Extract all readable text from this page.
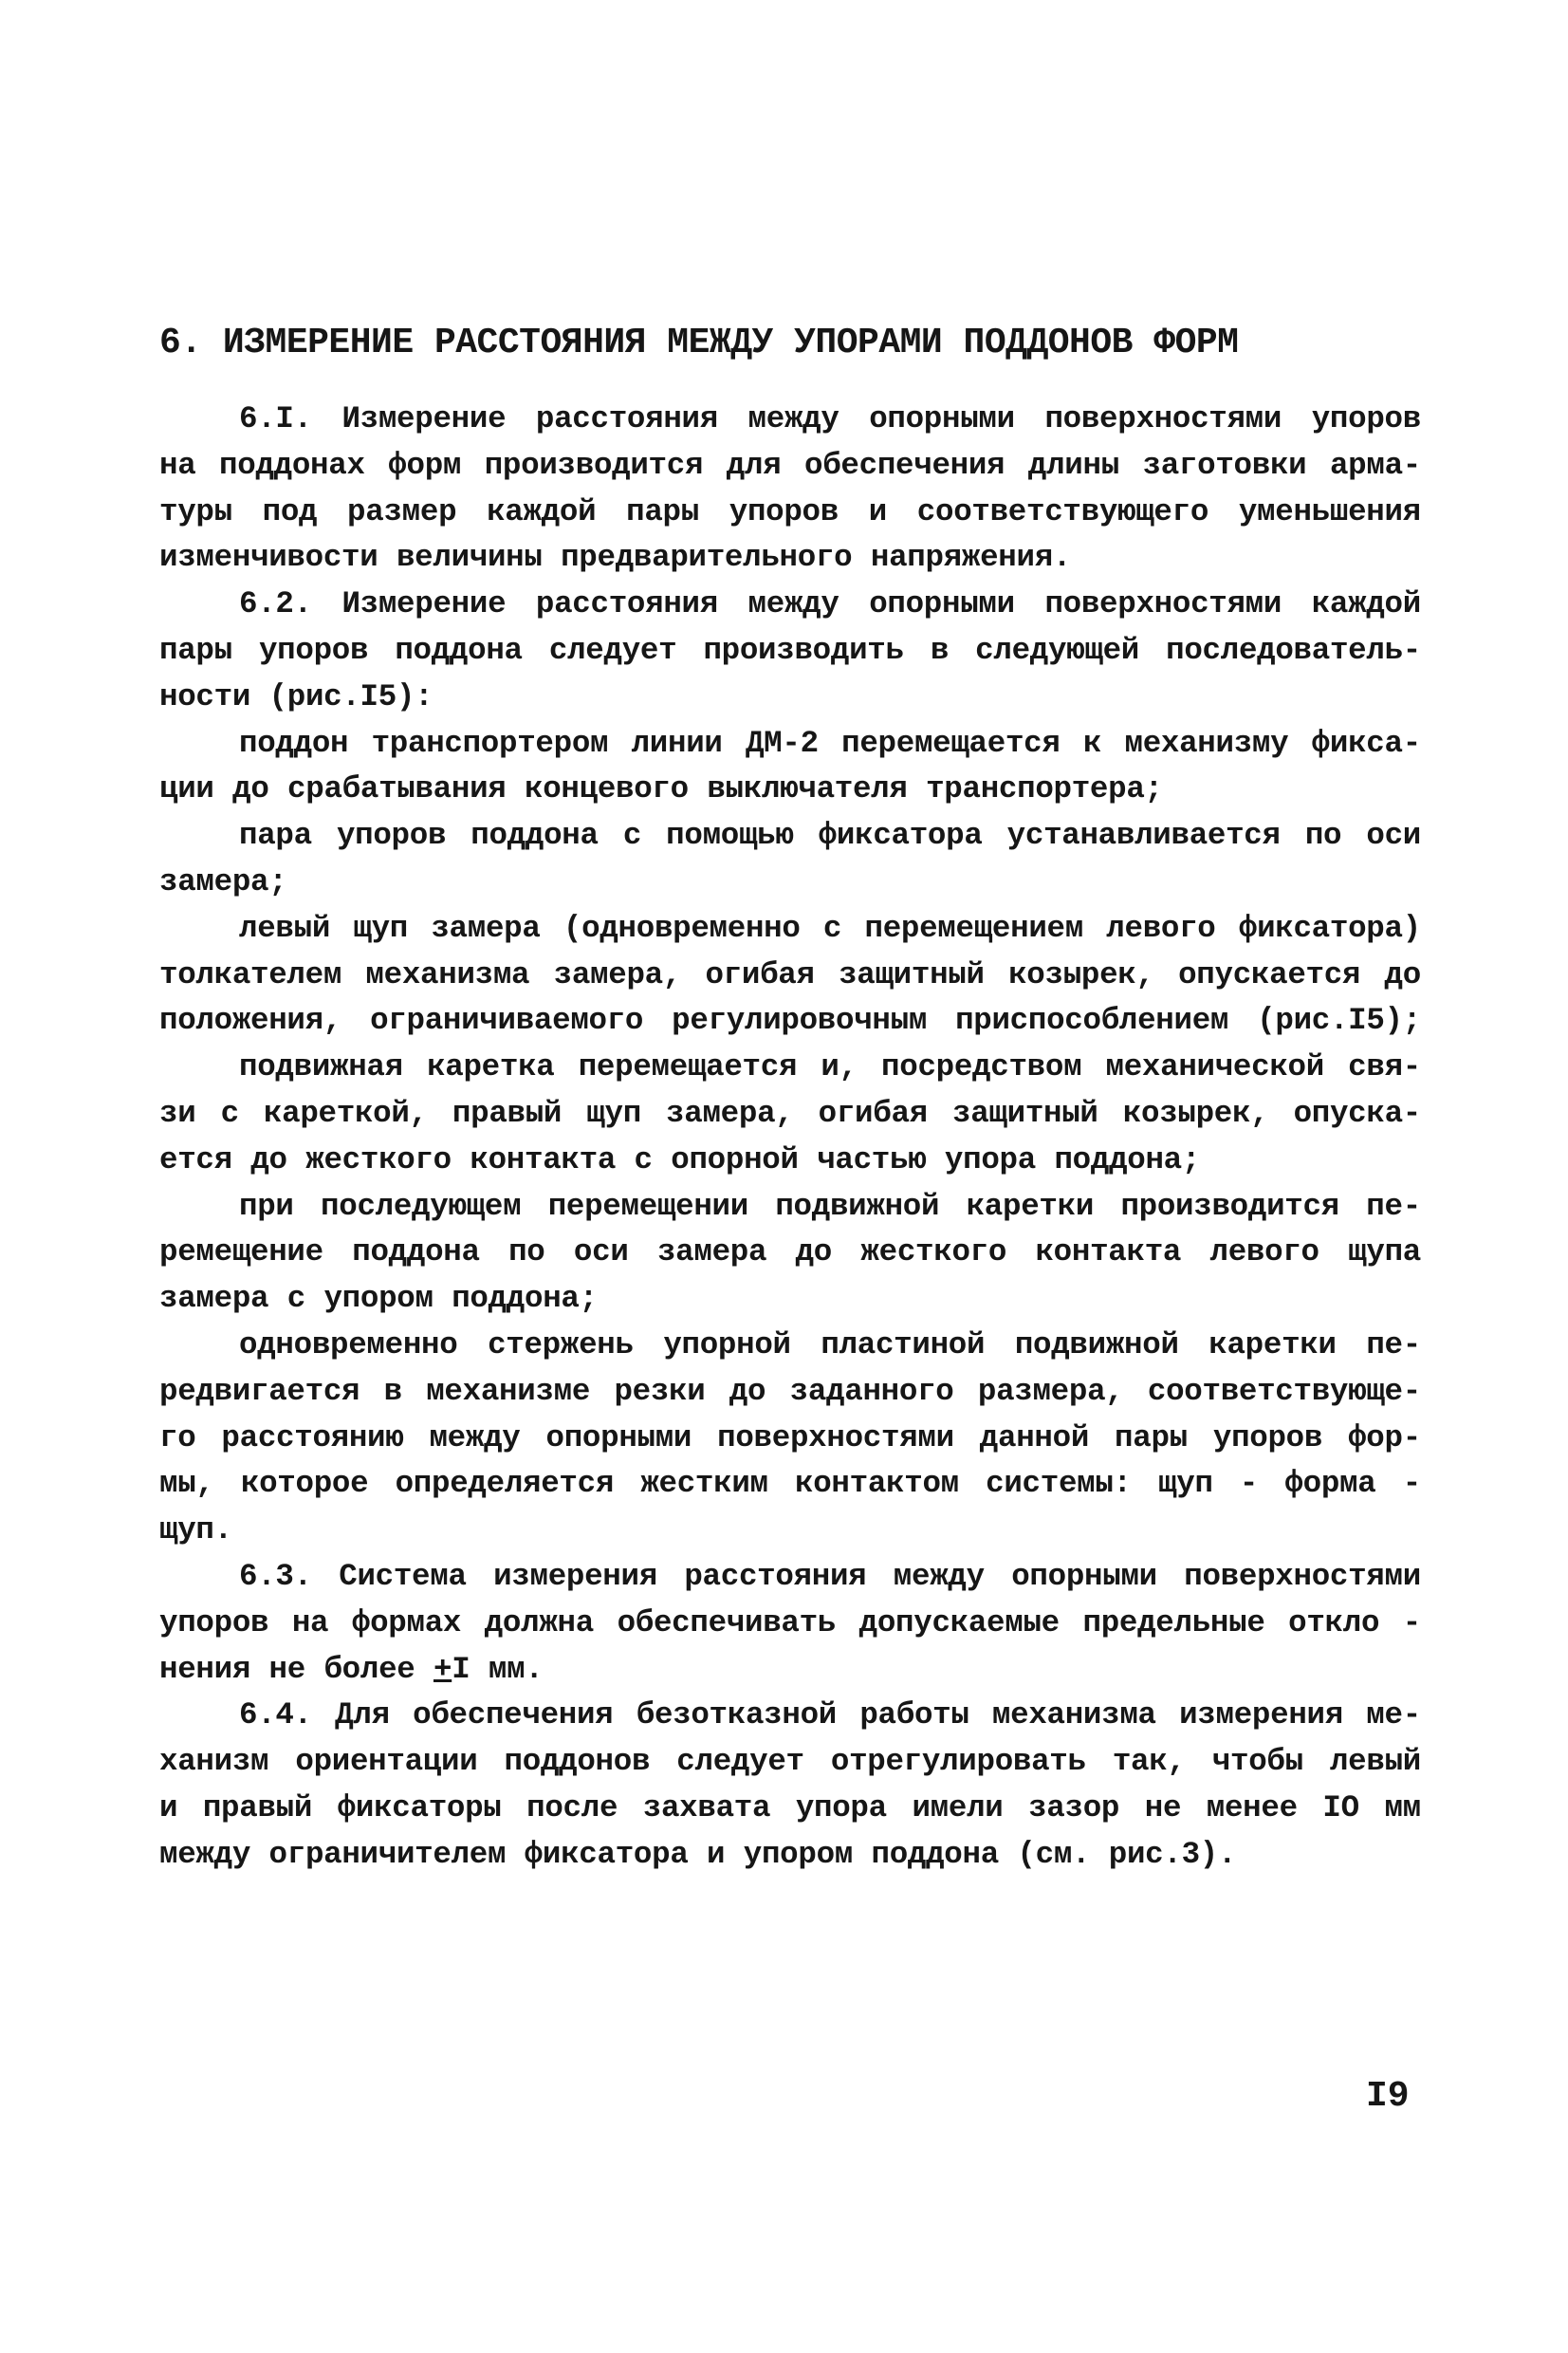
6. ИЗМЕРЕНИЕ РАССТОЯНИЯ МЕЖДУ УПОРАМИ ПОДДОНОВ ФОРМ
6.I. Измерение расстояния между опорными поверхностями упоров
на поддонах форм производится для обеспечения длины заготовки арма-
туры под размер каждой пары упоров и соответствующего уменьшения
изменчивости величины предварительного напряжения.
6.2. Измерение расстояния между опорными поверхностями каждой
пары упоров поддона следует производить в следующей последователь-
ности (рис.I5):
поддон транспортером линии ДМ-2 перемещается к механизму фикса-
ции до срабатывания концевого выключателя транспортера;
пара упоров поддона с помощью фиксатора устанавливается по оси
замера;
левый щуп замера (одновременно с перемещением левого фиксатора)
толкателем механизма замера, огибая защитный козырек, опускается до
положения, ограничиваемого регулировочным приспособлением (рис.I5);
подвижная каретка перемещается и, посредством механической свя-
зи с кареткой, правый щуп замера, огибая защитный козырек, опуска-
ется до жесткого контакта с опорной частью упора поддона;
при последующем перемещении подвижной каретки производится пе-
ремещение поддона по оси замера до жесткого контакта левого щупа
замера с упором поддона;
одновременно стержень упорной пластиной подвижной каретки пе-
редвигается в механизме резки до заданного размера, соответствующе-
го расстоянию между опорными поверхностями данной пары упоров фор-
мы, которое определяется жестким контактом системы: щуп - форма -
щуп.
6.3. Система измерения расстояния между опорными поверхностями
упоров на формах должна обеспечивать допускаемые предельные откло -
нения не более +I мм.
6.4. Для обеспечения безотказной работы механизма измерения ме-
ханизм ориентации поддонов следует отрегулировать так, чтобы левый
и правый фиксаторы после захвата упора имели зазор не менее IO мм
между ограничителем фиксатора и упором поддона (см. рис.3).
I9
